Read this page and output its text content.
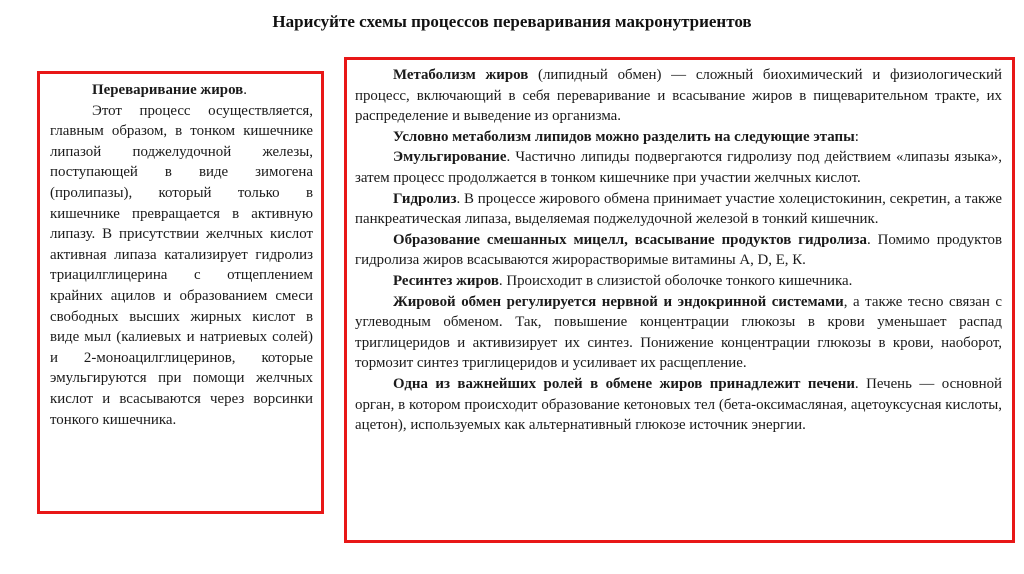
Нарисуйте схемы процессов переваривания макронутриентов

Переваривание жиров.

Этот процесс осуществляется, главным образом, в тонком кишечнике липазой поджелудочной железы, поступающей в виде зимогена (пролипазы), который только в кишечнике превращается в активную липазу. В присутствии желчных кислот активная липаза катализирует гидролиз триацилглицерина с отщеплением крайних ацилов и образованием смеси свободных высших жирных кислот в виде мыл (калиевых и натриевых солей) и 2-моноацилглицеринов, которые эмульгируются при помощи желчных кислот и всасываются через ворсинки тонкого кишечника.

Метаболизм жиров (липидный обмен) — сложный биохимический и физиологический процесс, включающий в себя переваривание и всасывание жиров в пищеварительном тракте, их распределение и выведение из организма.

Условно метаболизм липидов можно разделить на следующие этапы:

Эмульгирование. Частично липиды подвергаются гидролизу под действием «липазы языка», затем процесс продолжается в тонком кишечнике при участии желчных кислот.

Гидролиз. В процессе жирового обмена принимает участие холецистокинин, секретин, а также панкреатическая липаза, выделяемая поджелудочной железой в тонкий кишечник.

Образование смешанных мицелл, всасывание продуктов гидролиза. Помимо продуктов гидролиза жиров всасываются жирорастворимые витамины А, D, E, К.

Ресинтез жиров. Происходит в слизистой оболочке тонкого кишечника.

Жировой обмен регулируется нервной и эндокринной системами, а также тесно связан с углеводным обменом. Так, повышение концентрации глюкозы в крови уменьшает распад триглицеридов и активизирует их синтез. Понижение концентрации глюкозы в крови, наоборот, тормозит синтез триглицеридов и усиливает их расщепление.

Одна из важнейших ролей в обмене жиров принадлежит печени. Печень — основной орган, в котором происходит образование кетоновых тел (бета-оксимасляная, ацетоуксусная кислоты, ацетон), используемых как альтернативный глюкозе источник энергии.
